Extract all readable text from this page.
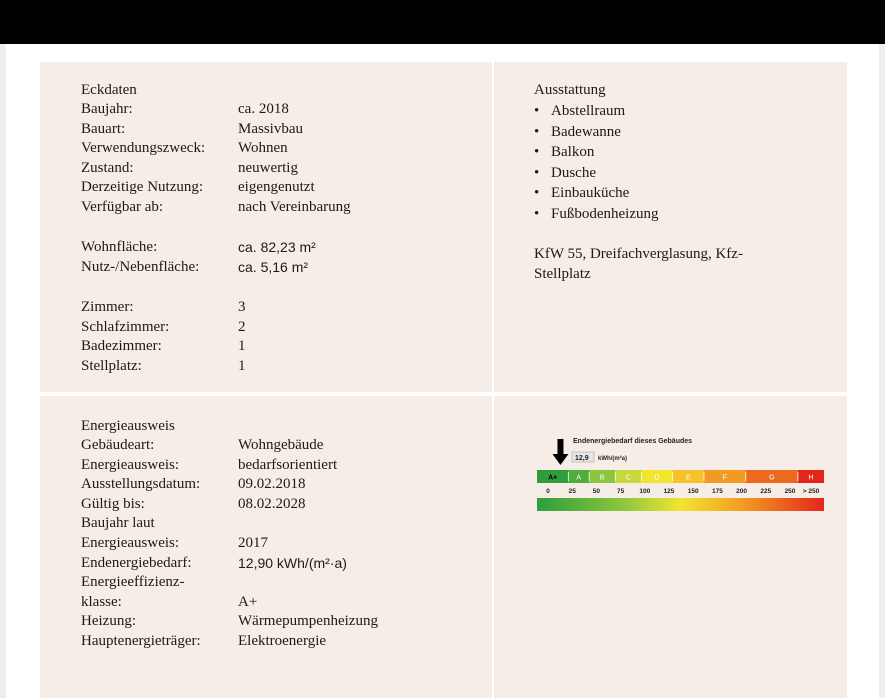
Eckdaten
Baujahr:	ca. 2018
Bauart:	Massivbau
Verwendungszweck:	Wohnen
Zustand:	neuwertig
Derzeitige Nutzung:	eigengenutzt
Verfügbar ab:	nach Vereinbarung
Wohnfläche:	ca. 82,23 m²
Nutz-/Nebenfläche:	ca. 5,16 m²
Zimmer:	3
Schlafzimmer:	2
Badezimmer:	1
Stellplatz:	1
Ausstattung
• Abstellraum
• Badewanne
• Balkon
• Dusche
• Einbauküche
• Fußbodenheizung
KfW 55, Dreifachverglasung, Kfz-Stellplatz
Energieausweis
Gebäudeart:	Wohngebäude
Energieausweis:	bedarfsorientiert
Ausstellungsdatum:	09.02.2018
Gültig bis:	08.02.2028
Baujahr laut
Energieausweis:	2017
Endenergiebedarf:	12,90 kWh/(m²·a)
Energieeffizienz-
klasse:	A+
Heizung:	Wärmepumpenheizung
Hauptenergieträger:	Elektroenergie
Endenergiebedarf dieses Gebäudes
12,9 kWh/(m²a)
A+	A	B	C	D	E	F	G	H
0	25	50	75 100 125 150 175 200 225 250 > 250
